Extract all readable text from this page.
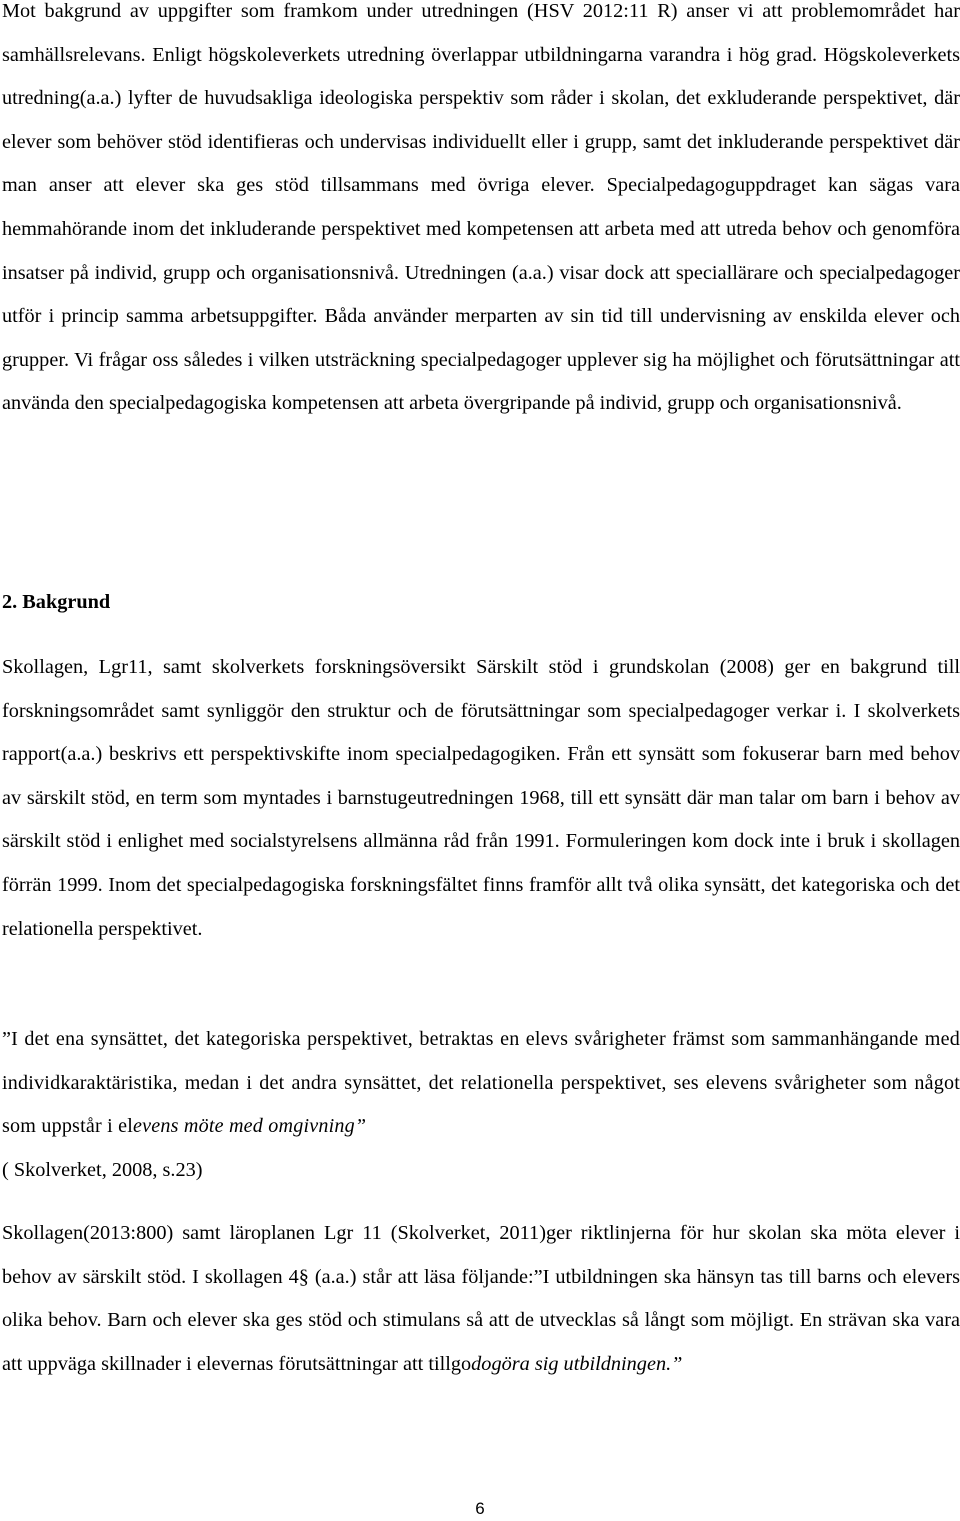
Mot bakgrund av uppgifter som framkom under utredningen (HSV 2012:11 R) anser vi att problemområdet har samhällsrelevans. Enligt högskoleverkets utredning överlappar utbildningarna varandra i hög grad. Högskoleverkets utredning(a.a.) lyfter de huvudsakliga ideologiska perspektiv som råder i skolan, det exkluderande perspektivet, där elever som behöver stöd identifieras och undervisas individuellt eller i grupp, samt det inkluderande perspektivet där man anser att elever ska ges stöd tillsammans med övriga elever. Specialpedagoguppdraget kan sägas vara hemmahörande inom det inkluderande perspektivet med kompetensen att arbeta med att utreda behov och genomföra insatser på individ, grupp och organisationsnivå. Utredningen (a.a.) visar dock att speciallärare och specialpedagoger utför i princip samma arbetsuppgifter. Båda använder merparten av sin tid till undervisning av enskilda elever och grupper. Vi frågar oss således i vilken utsträckning specialpedagoger upplever sig ha möjlighet och förutsättningar att använda den specialpedagogiska kompetensen att arbeta övergripande på individ, grupp och organisationsnivå.

2. Bakgrund

Skollagen, Lgr11, samt skolverkets forskningsöversikt Särskilt stöd i grundskolan (2008) ger en bakgrund till forskningsområdet samt synliggör den struktur och de förutsättningar som specialpedagoger verkar i. I skolverkets rapport(a.a.) beskrivs ett perspektivskifte inom specialpedagogiken. Från ett synsätt som fokuserar barn med behov av särskilt stöd, en term som myntades i barnstugeutredningen 1968, till ett synsätt där man talar om barn i behov av särskilt stöd i enlighet med socialstyrelsens allmänna råd från 1991. Formuleringen kom dock inte i bruk i skollagen förrän 1999. Inom det specialpedagogiska forskningsfältet finns framför allt två olika synsätt, det kategoriska och det relationella perspektivet.

”I det ena synsättet, det kategoriska perspektivet, betraktas en elevs svårigheter främst som sammanhängande med individkaraktäristika, medan i det andra synsättet, det relationella perspektivet, ses elevens svårigheter som något som uppstår i elevens möte med omgivning”

( Skolverket, 2008, s.23)

Skollagen(2013:800) samt läroplanen Lgr 11 (Skolverket, 2011)ger riktlinjerna för hur skolan ska möta elever i behov av särskilt stöd. I skollagen 4§ (a.a.) står att läsa följande:”I utbildningen ska hänsyn tas till barns och elevers olika behov. Barn och elever ska ges stöd och stimulans så att de utvecklas så långt som möjligt. En strävan ska vara att uppväga skillnader i elevernas förutsättningar att tillgodogöra sig utbildningen.”

6
